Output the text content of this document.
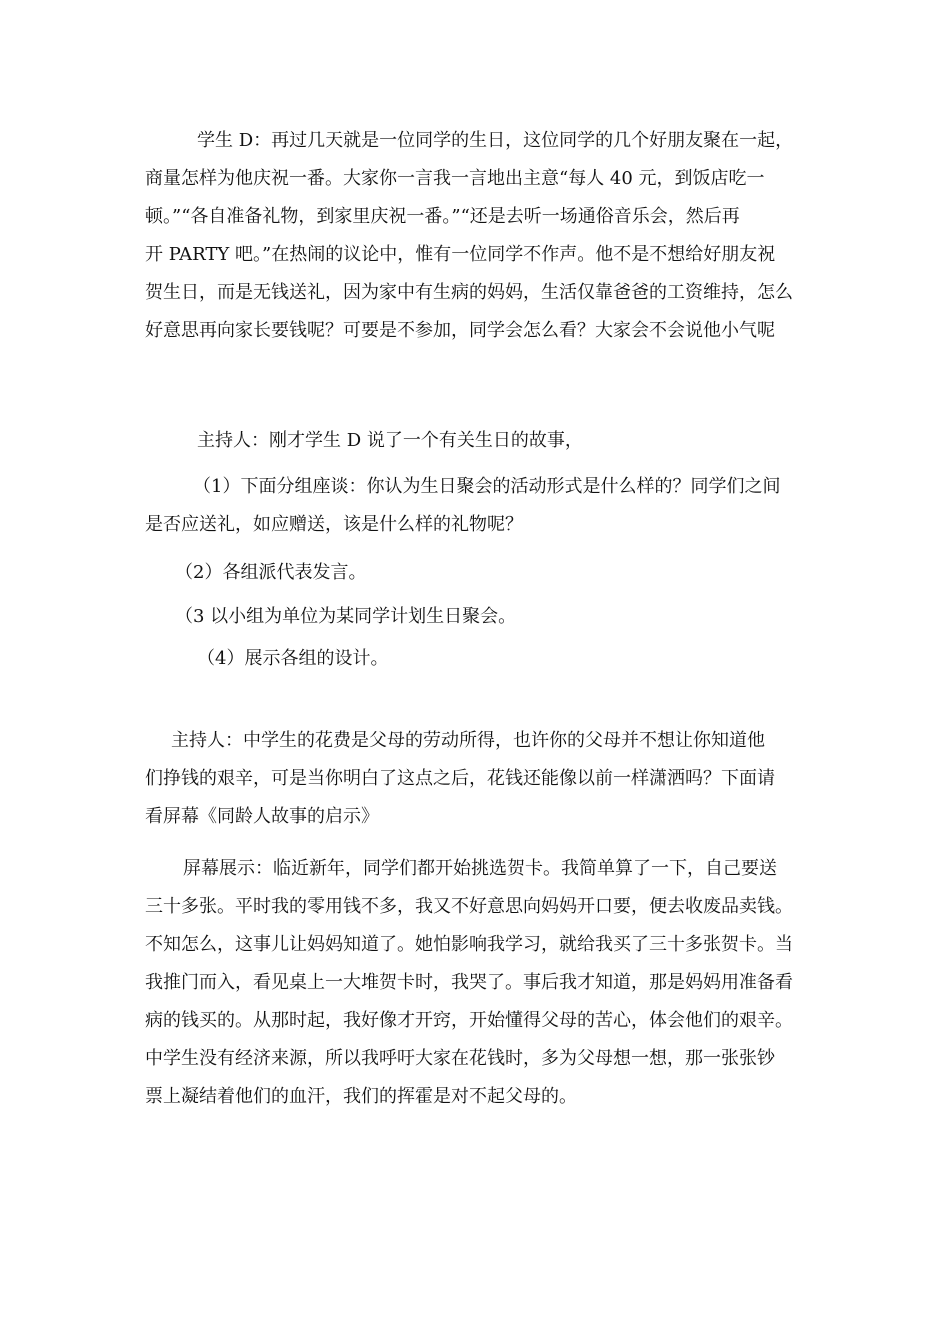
学生 D：再过几天就是一位同学的生日，这位同学的几个好朋友聚在一起，
商量怎样为他庆祝一番。大家你一言我一言地出主意“每人 40 元，到饭店吃一
顿。”“各自准备礼物，到家里庆祝一番。”“还是去听一场通俗音乐会，然后再
开 PARTY 吧。”在热闹的议论中，惟有一位同学不作声。他不是不想给好朋友祝
贺生日，而是无钱送礼，因为家中有生病的妈妈，生活仅靠爸爸的工资维持，怎么
好意思再向家长要钱呢？可要是不参加，同学会怎么看？大家会不会说他小气呢
主持人：刚才学生 D 说了一个有关生日的故事，
（1）下面分组座谈：你认为生日聚会的活动形式是什么样的？同学们之间
是否应送礼，如应赠送，该是什么样的礼物呢？
（2）各组派代表发言。
（3 以小组为单位为某同学计划生日聚会。
（4）展示各组的设计。
主持人：中学生的花费是父母的劳动所得，也许你的父母并不想让你知道他
们挣钱的艰辛，可是当你明白了这点之后，花钱还能像以前一样潇洒吗？下面请
看屏幕《同龄人故事的启示》
屏幕展示：临近新年，同学们都开始挑选贺卡。我简单算了一下，自己要送
三十多张。平时我的零用钱不多，我又不好意思向妈妈开口要，便去收废品卖钱。
不知怎么，这事儿让妈妈知道了。她怕影响我学习，就给我买了三十多张贺卡。当
我推门而入，看见桌上一大堆贺卡时，我哭了。事后我才知道，那是妈妈用准备看
病的钱买的。从那时起，我好像才开窍，开始懂得父母的苦心，体会他们的艰辛。
中学生没有经济来源，所以我呼吁大家在花钱时，多为父母想一想，那一张张钞
票上凝结着他们的血汗，我们的挥霍是对不起父母的。
